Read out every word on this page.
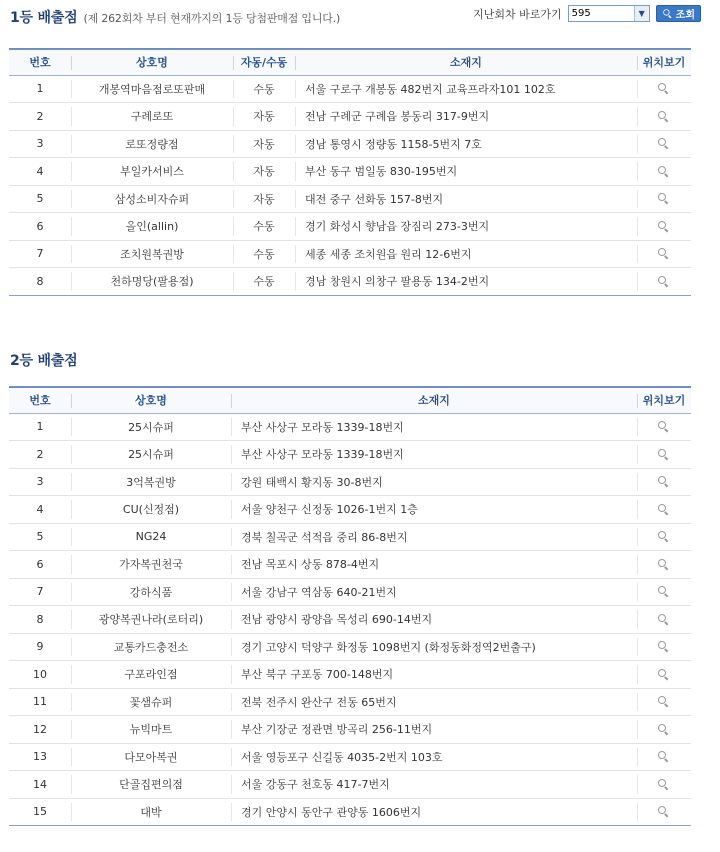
1등 배출점 (제 262회차 부터 현재까지의 1등 당첨판매점 입니다.)	지난회차 바로가기	595	▼	조회
번호	상호명	자동/수동	소재지	위치보기
1	개봉역마음점로또판매	수동	서울 구로구 개봉동 482번지 교육프라자101 102호	
2	구례로또	자동	전남 구례군 구례읍 봉동리 317-9번지	
3	로또정량점	자동	경남 통영시 정량동 1158-5번지 7호	
4	부일카서비스	자동	부산 동구 범일동 830-195번지	
5	삼성소비자슈퍼	자동	대전 중구 선화동 157-8번지	
6	올인(allin)	수동	경기 화성시 향남읍 장짐리 273-3번지	
7	조치원복권방	수동	세종 세종 조치원읍 원리 12-6번지	
8	천하명당(팔용점)	수동	경남 창원시 의창구 팔용동 134-2번지	
2등 배출점
번호	상호명	소재지	위치보기
1	25시슈퍼	부산 사상구 모라동 1339-18번지	
2	25시슈퍼	부산 사상구 모라동 1339-18번지	
3	3억복권방	강원 태백시 황지동 30-8번지	
4	CU(신정점)	서울 양천구 신정동 1026-1번지 1층	
5	NG24	경북 칠곡군 석적읍 중리 86-8번지	
6	가자복권천국	전남 목포시 상동 878-4번지	
7	강하식품	서울 강남구 역삼동 640-21번지	
8	광양복권나라(로터리)	전남 광양시 광양읍 목성리 690-14번지	
9	교통카드충전소	경기 고양시 덕양구 화정동 1098번지 (화정동화정역2번출구)	
10	구포라인점	부산 북구 구포동 700-148번지	
11	꽃샘슈퍼	전북 전주시 완산구 전동 65번지	
12	뉴빅마트	부산 기장군 정관면 방곡리 256-11번지	
13	다모아복권	서울 영등포구 신길동 4035-2번지 103호	
14	단골집편의점	서울 강동구 천호동 417-7번지	
15	대박	경기 안양시 동안구 관양동 1606번지	
